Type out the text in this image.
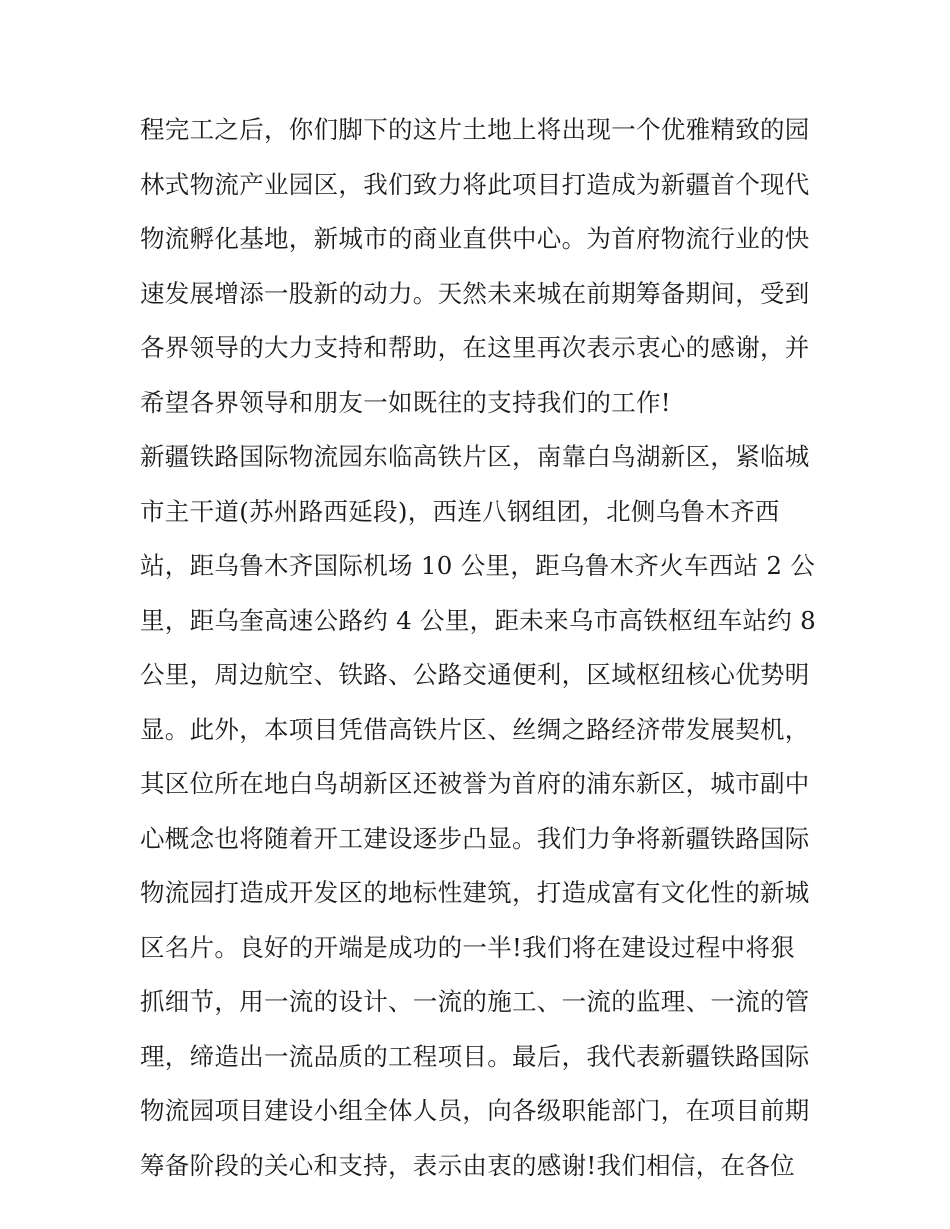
程完工之后，你们脚下的这片土地上将出现一个优雅精致的园
林式物流产业园区，我们致力将此项目打造成为新疆首个现代
物流孵化基地，新城市的商业直供中心。为首府物流行业的快
速发展增添一股新的动力。天然未来城在前期筹备期间，受到
各界领导的大力支持和帮助，在这里再次表示衷心的感谢，并
希望各界领导和朋友一如既往的支持我们的工作!
新疆铁路国际物流园东临高铁片区，南靠白鸟湖新区，紧临城
市主干道(苏州路西延段)，西连八钢组团，北侧乌鲁木齐西
站，距乌鲁木齐国际机场 10 公里，距乌鲁木齐火车西站 2 公
里，距乌奎高速公路约 4 公里，距未来乌市高铁枢纽车站约 8
公里，周边航空、铁路、公路交通便利，区域枢纽核心优势明
显。此外，本项目凭借高铁片区、丝绸之路经济带发展契机，
其区位所在地白鸟胡新区还被誉为首府的浦东新区，城市副中
心概念也将随着开工建设逐步凸显。我们力争将新疆铁路国际
物流园打造成开发区的地标性建筑，打造成富有文化性的新城
区名片。良好的开端是成功的一半!我们将在建设过程中将狠
抓细节，用一流的设计、一流的施工、一流的监理、一流的管
理，缔造出一流品质的工程项目。最后，我代表新疆铁路国际
物流园项目建设小组全体人员，向各级职能部门，在项目前期
筹备阶段的关心和支持，表示由衷的感谢!我们相信，在各位
